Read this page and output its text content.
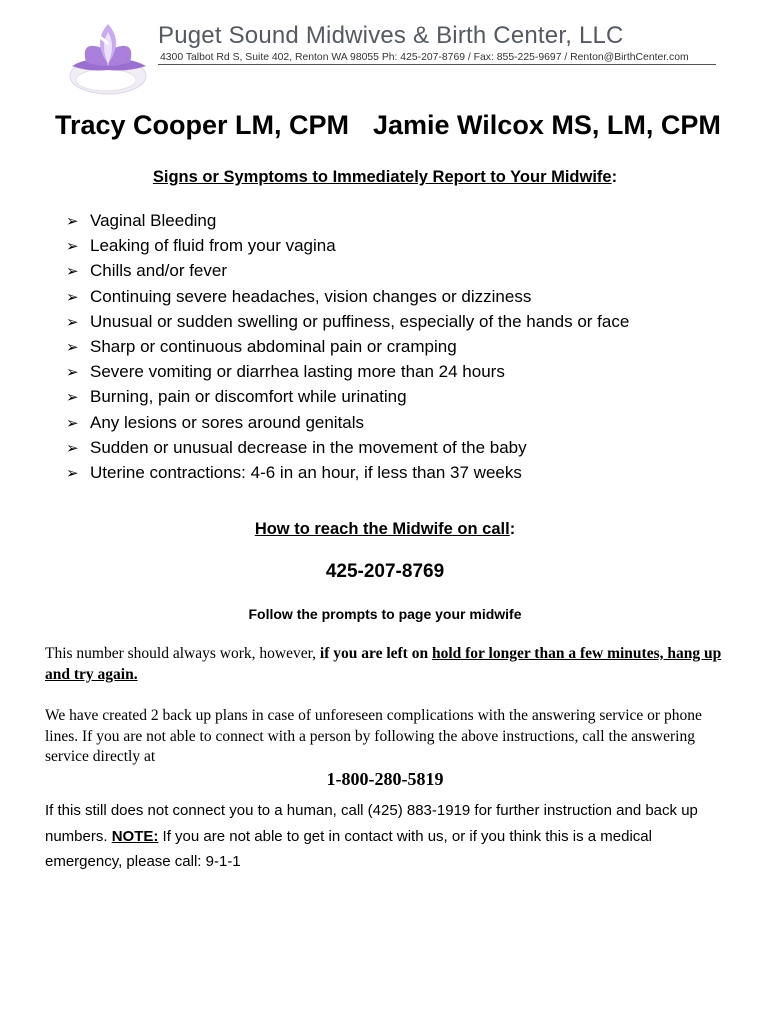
Puget Sound Midwives & Birth Center, LLC
4300 Talbot Rd S, Suite 402, Renton WA 98055 Ph: 425-207-8769 / Fax: 855-225-9697 / Renton@BirthCenter.com
Tracy Cooper LM, CPM Jamie Wilcox MS, LM, CPM
Signs or Symptoms to Immediately Report to Your Midwife:
➢ Vaginal Bleeding
➢ Leaking of fluid from your vagina
➢ Chills and/or fever
➢ Continuing severe headaches, vision changes or dizziness
➢ Unusual or sudden swelling or puffiness, especially of the hands or face
➢ Sharp or continuous abdominal pain or cramping
➢ Severe vomiting or diarrhea lasting more than 24 hours
➢ Burning, pain or discomfort while urinating
➢ Any lesions or sores around genitals
➢ Sudden or unusual decrease in the movement of the baby
➢ Uterine contractions: 4-6 in an hour, if less than 37 weeks
How to reach the Midwife on call:
425-207-8769
Follow the prompts to page your midwife
This number should always work, however, if you are left on hold for longer than a few minutes, hang up and try again.
We have created 2 back up plans in case of unforeseen complications with the answering service or phone lines. If you are not able to connect with a person by following the above instructions, call the answering service directly at
1-800-280-5819
If this still does not connect you to a human, call (425) 883-1919 for further instruction and back up numbers. NOTE: If you are not able to get in contact with us, or if you think this is a medical emergency, please call: 9-1-1
